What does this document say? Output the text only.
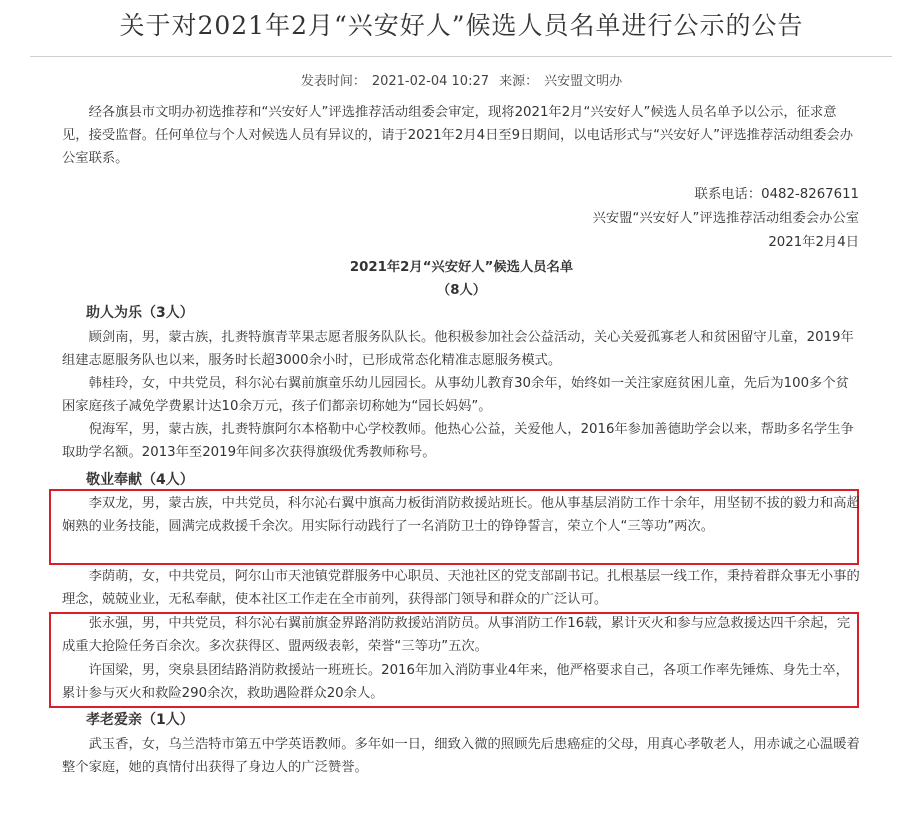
关于对2021年2月“兴安好人”候选人员名单进行公示的公告
发表时间： 2021-02-04 10:27 来源： 兴安盟文明办

经各旗县市文明办初选推荐和“兴安好人”评选推荐活动组委会审定，现将2021年2月“兴安好人”候选人员名单予以公示，征求意见，接受监督。任何单位与个人对候选人员有异议的，请于2021年2月4日至9日期间，以电话形式与“兴安好人”评选推荐活动组委会办公室联系。

联系电话：0482-8267611
兴安盟“兴安好人”评选推荐活动组委会办公室
2021年2月4日
2021年2月“兴安好人”候选人员名单
（8人）
助人为乐（3人）

顾剑南，男，蒙古族，扎赉特旗青苹果志愿者服务队队长。他积极参加社会公益活动，关心关爱孤寡老人和贫困留守儿童，2019年组建志愿服务队也以来，服务时长超3000余小时，已形成常态化精准志愿服务模式。

韩桂玲，女，中共党员，科尔沁右翼前旗童乐幼儿园园长。从事幼儿教育30余年，始终如一关注家庭贫困儿童，先后为100多个贫困家庭孩子减免学费累计达10余万元，孩子们都亲切称她为“园长妈妈”。

倪海军，男，蒙古族，扎赉特旗阿尔本格勒中心学校教师。他热心公益，关爱他人，2016年参加善德助学会以来，帮助多名学生争取助学名额。2013年至2019年间多次获得旗级优秀教师称号。

敬业奉献（4人）

李双龙，男，蒙古族，中共党员，科尔沁右翼中旗高力板街消防救援站班长。他从事基层消防工作十余年，用坚韧不拔的毅力和高超娴熟的业务技能，圆满完成救援千余次。用实际行动践行了一名消防卫士的铮铮誓言，荣立个人“三等功”两次。

李荫萌，女，中共党员，阿尔山市天池镇党群服务中心职员、天池社区的党支部副书记。扎根基层一线工作，秉持着群众事无小事的理念，兢兢业业，无私奉献，使本社区工作走在全市前列，获得部门领导和群众的广泛认可。

张永强，男，中共党员，科尔沁右翼前旗金界路消防救援站消防员。从事消防工作16载，累计灭火和参与应急救援达四千余起，完成重大抢险任务百余次。多次获得区、盟两级表彰，荣誉“三等功”五次。

许国梁，男，突泉县团结路消防救援站一班班长。2016年加入消防事业4年来，他严格要求自己，各项工作率先锤炼、身先士卒，累计参与灭火和救险290余次，救助遇险群众20余人。

孝老爱亲（1人）

武玉香，女，乌兰浩特市第五中学英语教师。多年如一日，细致入微的照顾先后患癌症的父母，用真心孝敬老人，用赤诚之心温暖着整个家庭，她的真情付出获得了身边人的广泛赞誉。
